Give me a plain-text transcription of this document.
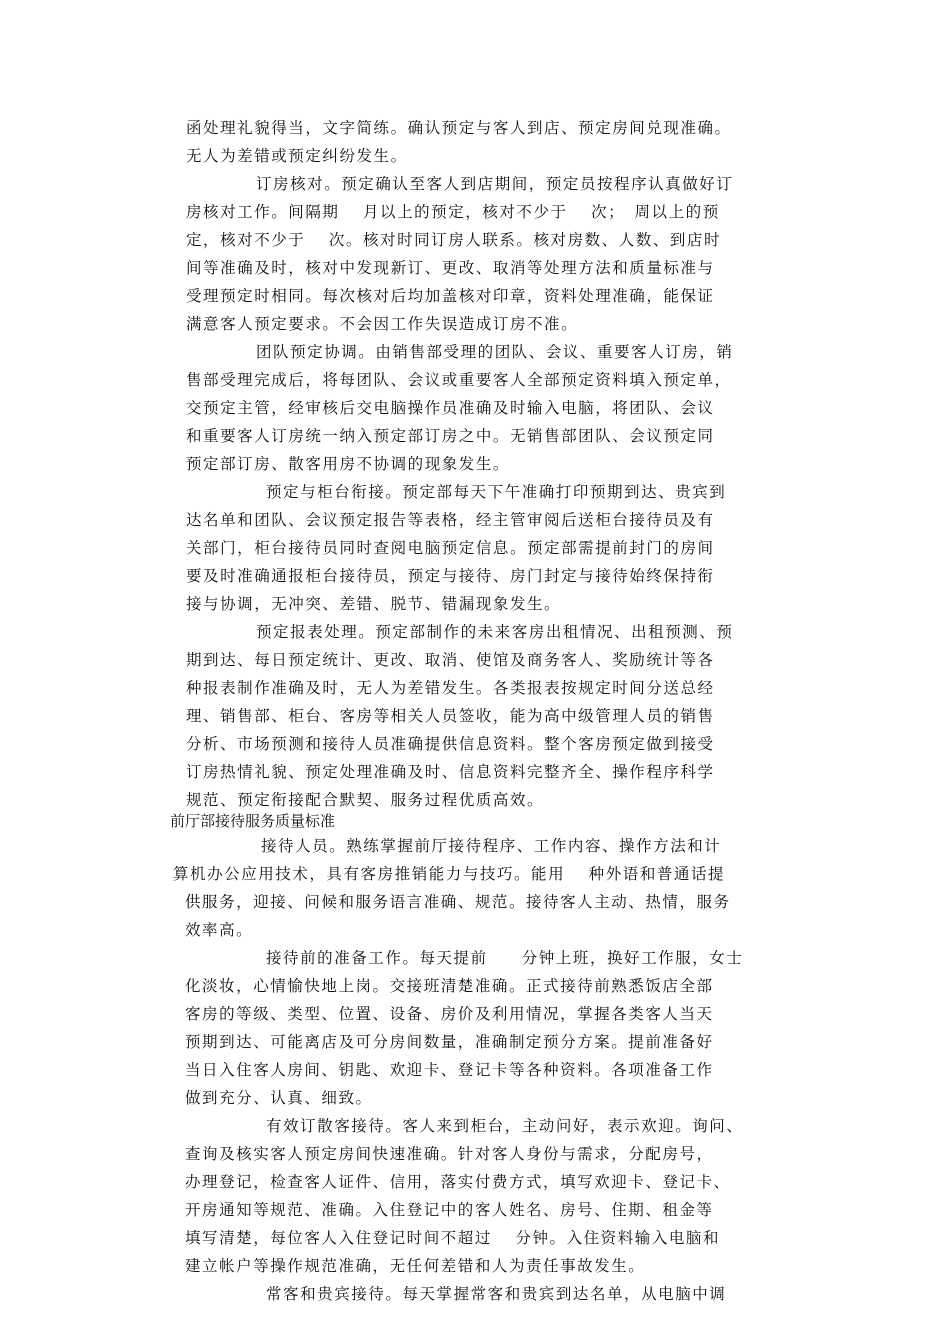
函处理礼貌得当，文字简练。确认预定与客人到店、预定房间兑现准确。
无人为差错或预定纠纷发生。
订房核对。预定确认至客人到店期间，预定员按程序认真做好订
房核对工作。间隔期　 月以上的预定，核对不少于　 次；　周以上的预
定，核对不少于　 次。核对时同订房人联系。核对房数、人数、到店时
间等准确及时，核对中发现新订、更改、取消等处理方法和质量标准与
受理预定时相同。每次核对后均加盖核对印章，资料处理准确，能保证
满意客人预定要求。不会因工作失误造成订房不准。
团队预定协调。由销售部受理的团队、会议、重要客人订房，销
售部受理完成后，将每团队、会议或重要客人全部预定资料填入预定单，
交预定主管，经审核后交电脑操作员准确及时输入电脑，将团队、会议
和重要客人订房统一纳入预定部订房之中。无销售部团队、会议预定同
预定部订房、散客用房不协调的现象发生。
预定与柜台衔接。预定部每天下午准确打印预期到达、贵宾到
达名单和团队、会议预定报告等表格，经主管审阅后送柜台接待员及有
关部门，柜台接待员同时查阅电脑预定信息。预定部需提前封门的房间
要及时准确通报柜台接待员，预定与接待、房门封定与接待始终保持衔
接与协调，无冲突、差错、脱节、错漏现象发生。
预定报表处理。预定部制作的未来客房出租情况、出租预测、预
期到达、每日预定统计、更改、取消、使馆及商务客人、奖励统计等各
种报表制作准确及时，无人为差错发生。各类报表按规定时间分送总经
理、销售部、柜台、客房等相关人员签收，能为高中级管理人员的销售
分析、市场预测和接待人员准确提供信息资料。整个客房预定做到接受
订房热情礼貌、预定处理准确及时、信息资料完整齐全、操作程序科学
规范、预定衔接配合默契、服务过程优质高效。
前厅部接待服务质量标准
接待人员。熟练掌握前厅接待程序、工作内容、操作方法和计
算机办公应用技术，具有客房推销能力与技巧。能用　 种外语和普通话提
供服务，迎接、问候和服务语言准确、规范。接待客人主动、热情，服务
效率高。
接待前的准备工作。每天提前　　分钟上班，换好工作服，女士
化淡妆，心情愉快地上岗。交接班清楚准确。正式接待前熟悉饭店全部
客房的等级、类型、位置、设备、房价及利用情况，掌握各类客人当天
预期到达、可能离店及可分房间数量，准确制定预分方案。提前准备好
当日入住客人房间、钥匙、欢迎卡、登记卡等各种资料。各项准备工作
做到充分、认真、细致。
有效订散客接待。客人来到柜台，主动问好，表示欢迎。询问、
查询及核实客人预定房间快速准确。针对客人身份与需求，分配房号，
办理登记，检查客人证件、信用，落实付费方式，填写欢迎卡、登记卡、
开房通知等规范、准确。入住登记中的客人姓名、房号、住期、租金等
填写清楚，每位客人入住登记时间不超过　 分钟。入住资料输入电脑和
建立帐户等操作规范准确，无任何差错和人为责任事故发生。
常客和贵宾接待。每天掌握常客和贵宾到达名单，从电脑中调
